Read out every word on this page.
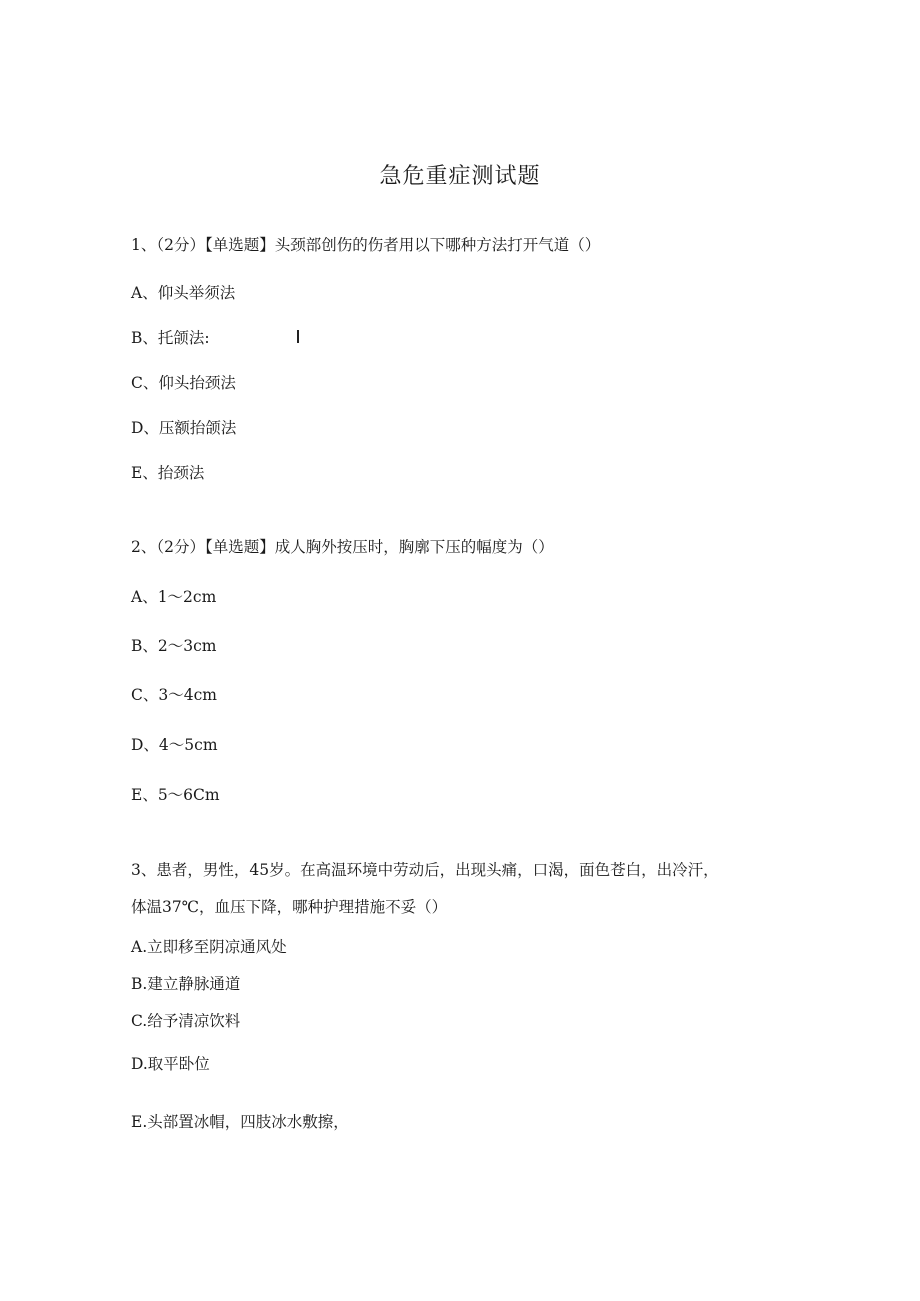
急危重症测试题
1、（2分）【单选题】头颈部创伤的伤者用以下哪种方法打开气道（）
A、仰头举须法
B、托颌法:
C、仰头抬颈法
D、压额抬颌法
E、抬颈法
2、（2分）【单选题】成人胸外按压时，胸廓下压的幅度为（）
A、1～2cm
B、2～3cm
C、3～4cm
D、4～5cm
E、5～6Cm
3、患者，男性，45岁。在高温环境中劳动后，出现头痛，口渴，面色苍白，出冷汗，
体温37℃，血压下降，哪种护理措施不妥（）
A.立即移至阴凉通风处
B.建立静脉通道
C.给予清凉饮料
D.取平卧位
E.头部置冰帽，四肢冰水敷擦，
